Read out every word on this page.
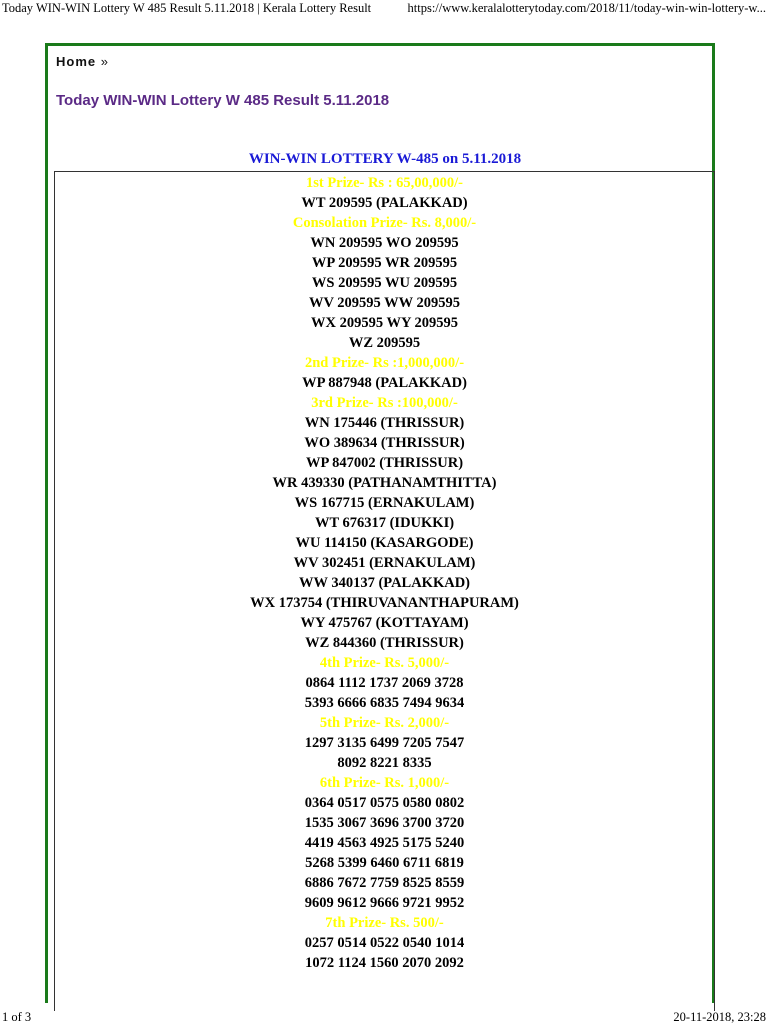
Today WIN-WIN Lottery W 485 Result 5.11.2018 | Kerala Lottery Result	https://www.keralalotterytoday.com/2018/11/today-win-win-lottery-w...
Home »
Today WIN-WIN Lottery W 485 Result 5.11.2018
WIN-WIN LOTTERY W-485 on 5.11.2018
1st Prize- Rs : 65,00,000/-
WT 209595 (PALAKKAD)
Consolation Prize- Rs. 8,000/-
WN 209595 WO 209595
WP 209595 WR 209595
WS 209595 WU 209595
WV 209595 WW 209595
WX 209595 WY 209595
WZ 209595
2nd Prize- Rs :1,000,000/-
WP 887948 (PALAKKAD)
3rd Prize- Rs :100,000/-
WN 175446 (THRISSUR)
WO 389634 (THRISSUR)
WP 847002 (THRISSUR)
WR 439330 (PATHANAMTHITTA)
WS 167715 (ERNAKULAM)
WT 676317 (IDUKKI)
WU 114150 (KASARGODE)
WV 302451 (ERNAKULAM)
WW 340137 (PALAKKAD)
WX 173754 (THIRUVANANTHAPURAM)
WY 475767 (KOTTAYAM)
WZ 844360 (THRISSUR)
4th Prize- Rs. 5,000/-
0864 1112 1737 2069 3728
5393 6666 6835 7494 9634
5th Prize- Rs. 2,000/-
1297 3135 6499 7205 7547
8092 8221 8335
6th Prize- Rs. 1,000/-
0364 0517 0575 0580 0802
1535 3067 3696 3700 3720
4419 4563 4925 5175 5240
5268 5399 6460 6711 6819
6886 7672 7759 8525 8559
9609 9612 9666 9721 9952
7th Prize- Rs. 500/-
0257 0514 0522 0540 1014
1072 1124 1560 2070 2092
1 of 3	20-11-2018, 23:28
